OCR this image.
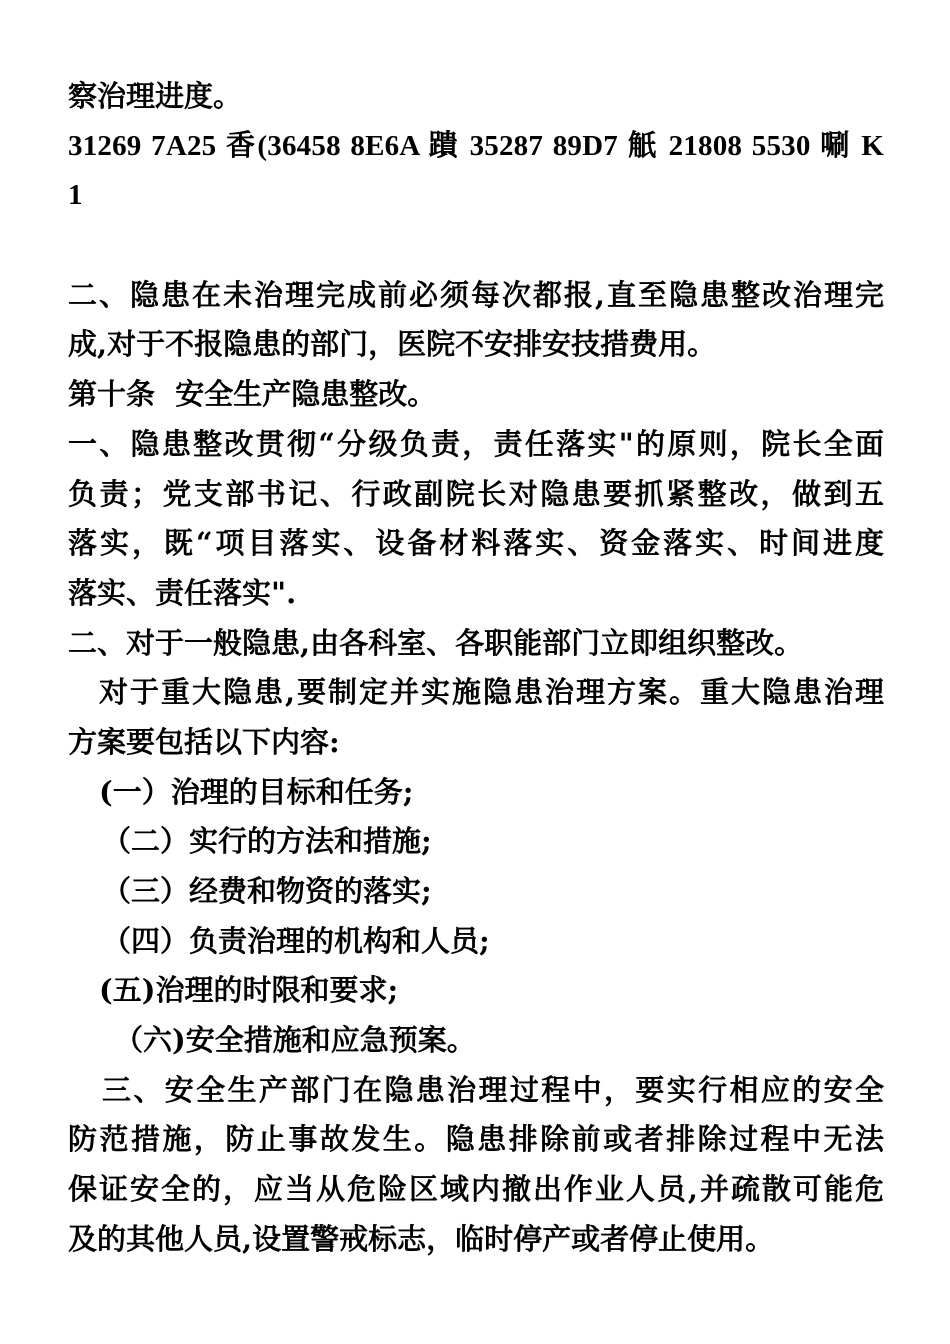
察治理进度。
31269 7A25 香(36458 8E6A 蹪 35287 89D7 觗 21808 5530 唰 K
1
二、隐患在未治理完成前必须每次都报,直至隐患整改治理完
成,对于不报隐患的部门，医院不安排安技措费用。
第十条  安全生产隐患整改。
一、隐患整改贯彻“分级负责，责任落实"的原则，院长全面
负责；党支部书记、行政副院长对隐患要抓紧整改，做到五
落实，既“项目落实、设备材料落实、资金落实、时间进度
落实、责任落实".
二、对于一般隐患,由各科室、各职能部门立即组织整改。
对于重大隐患,要制定并实施隐患治理方案。重大隐患治理
方案要包括以下内容:
(一）治理的目标和任务;
（二）实行的方法和措施;
（三）经费和物资的落实;
（四）负责治理的机构和人员;
(五)治理的时限和要求;
（六)安全措施和应急预案。
三、安全生产部门在隐患治理过程中，要实行相应的安全
防范措施，防止事故发生。隐患排除前或者排除过程中无法
保证安全的，应当从危险区域内撤出作业人员,并疏散可能危
及的其他人员,设置警戒标志，临时停产或者停止使用。
